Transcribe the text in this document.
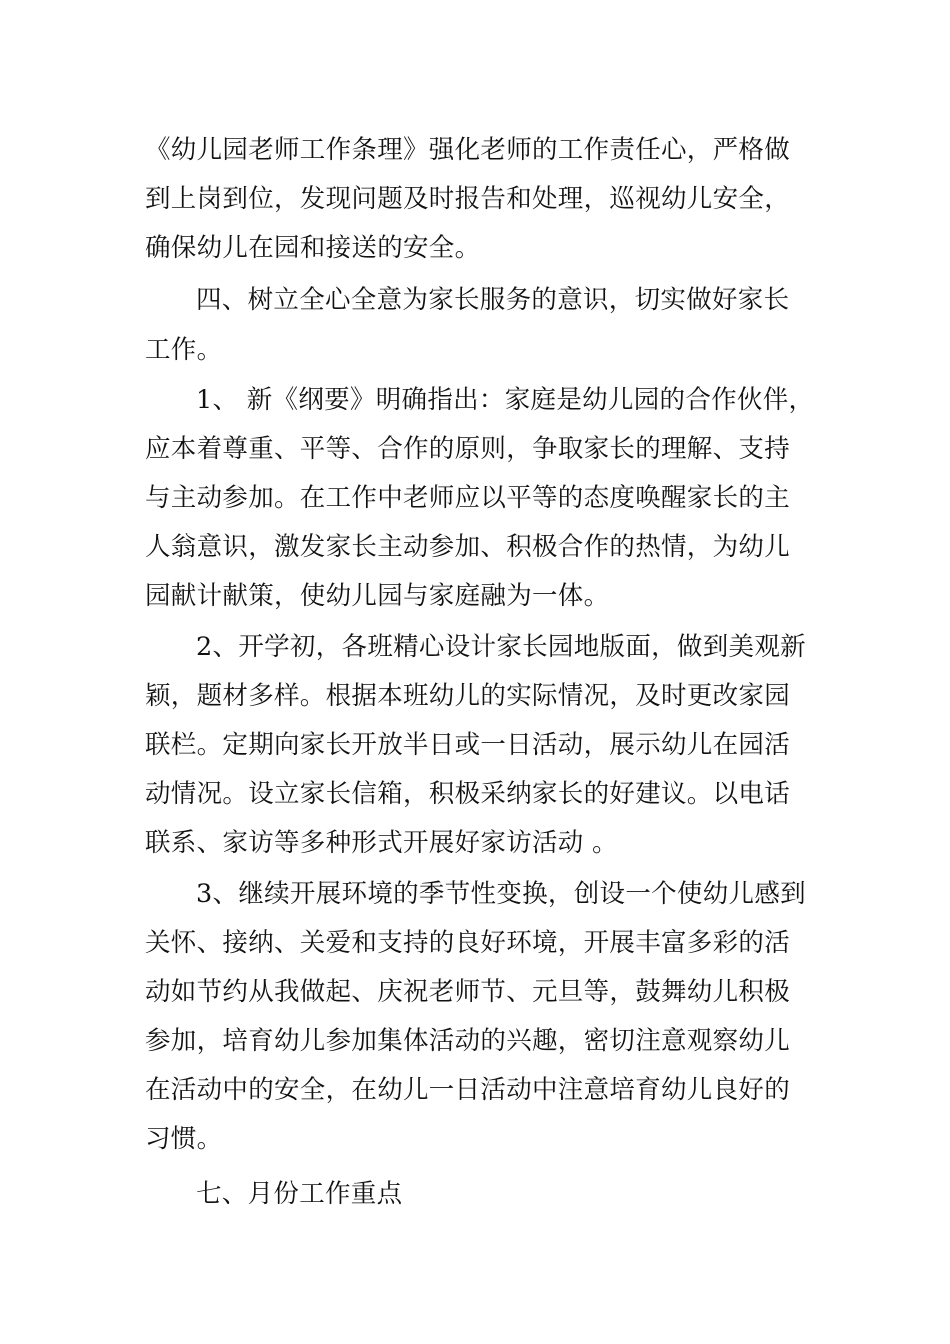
《幼儿园老师工作条理》强化老师的工作责任心，严格做
到上岗到位，发现问题及时报告和处理，巡视幼儿安全，
确保幼儿在园和接送的安全。
四、树立全心全意为家长服务的意识，切实做好家长
工作。
1、 新《纲要》明确指出：家庭是幼儿园的合作伙伴，
应本着尊重、平等、合作的原则，争取家长的理解、支持
与主动参加。在工作中老师应以平等的态度唤醒家长的主
人翁意识，激发家长主动参加、积极合作的热情，为幼儿
园献计献策，使幼儿园与家庭融为一体。
2、开学初，各班精心设计家长园地版面，做到美观新
颖，题材多样。根据本班幼儿的实际情况，及时更改家园
联栏。定期向家长开放半日或一日活动，展示幼儿在园活
动情况。设立家长信箱，积极采纳家长的好建议。以电话
联系、家访等多种形式开展好家访活动 。
3、继续开展环境的季节性变换，创设一个使幼儿感到
关怀、接纳、关爱和支持的良好环境，开展丰富多彩的活
动如节约从我做起、庆祝老师节、元旦等，鼓舞幼儿积极
参加，培育幼儿参加集体活动的兴趣，密切注意观察幼儿
在活动中的安全，在幼儿一日活动中注意培育幼儿良好的
习惯。
七、月份工作重点
